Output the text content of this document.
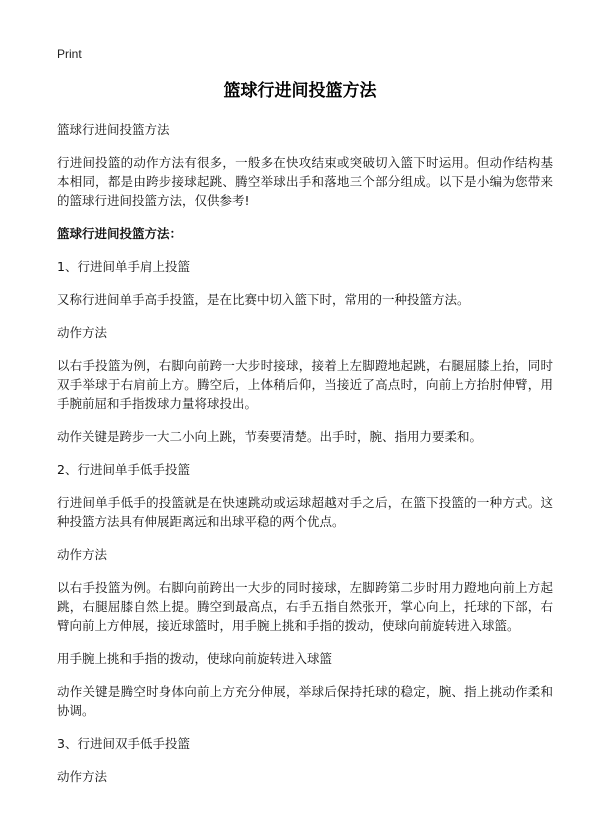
Print
篮球行进间投篮方法

篮球行进间投篮方法

行进间投篮的动作方法有很多，一般多在快攻结束或突破切入篮下时运用。但动作结构基本相同，都是由跨步接球起跳、腾空举球出手和落地三个部分组成。以下是小编为您带来的篮球行进间投篮方法，仅供参考!

篮球行进间投篮方法：

1、行进间单手肩上投篮

又称行进间单手高手投篮，是在比赛中切入篮下时，常用的一种投篮方法。

动作方法

以右手投篮为例，右脚向前跨一大步时接球，接着上左脚蹬地起跳，右腿屈膝上抬，同时双手举球于右肩前上方。腾空后，上体稍后仰，当接近了高点时，向前上方抬肘伸臂，用手腕前屈和手指拨球力量将球投出。

动作关键是跨步一大二小向上跳，节奏要清楚。出手时，腕、指用力要柔和。

2、行进间单手低手投篮

行进间单手低手的投篮就是在快速跳动或运球超越对手之后，在篮下投篮的一种方式。这种投篮方法具有伸展距离远和出球平稳的两个优点。

动作方法

以右手投篮为例。右脚向前跨出一大步的同时接球，左脚跨第二步时用力蹬地向前上方起跳，右腿屈膝自然上提。腾空到最高点，右手五指自然张开，掌心向上，托球的下部，右臂向前上方伸展，接近球篮时，用手腕上挑和手指的拨动，使球向前旋转进入球篮。

用手腕上挑和手指的拨动，使球向前旋转进入球篮

动作关键是腾空时身体向前上方充分伸展，举球后保持托球的稳定，腕、指上挑动作柔和协调。

3、行进间双手低手投篮

动作方法
